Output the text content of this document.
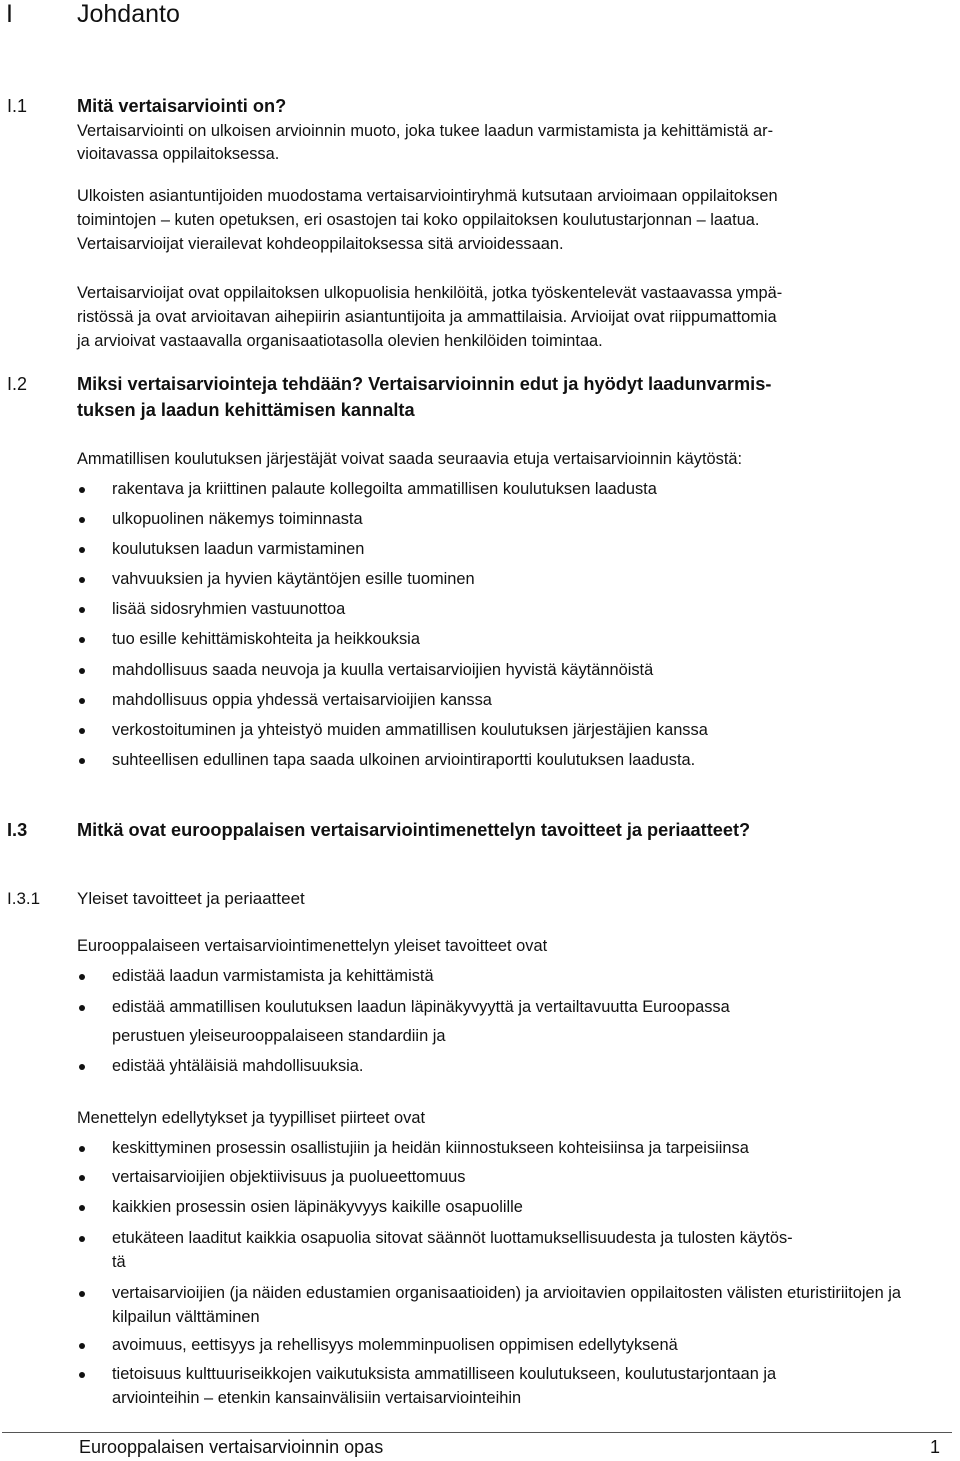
I	Johdanto
I.1	Mitä vertaisarviointi on?
Vertaisarviointi on ulkoisen arvioinnin muoto, joka tukee laadun varmistamista ja kehittämistä ar-
vioitavassa oppilaitoksessa.
Ulkoisten asiantuntijoiden muodostama vertaisarviointiryhmä kutsutaan arvioimaan oppilaitoksen
toimintojen – kuten opetuksen, eri osastojen tai koko oppilaitoksen koulutustarjonnan – laatua.
Vertaisarvioijat vierailevat kohdeoppilaitoksessa sitä arvioidessaan.
Vertaisarvioijat ovat oppilaitoksen ulkopuolisia henkilöitä, jotka työskentelevät vastaavassa ympä-
ristössä ja ovat arvioitavan aihepiirin asiantuntijoita ja ammattilaisia. Arvioijat ovat riippumattomia
ja arvioivat vastaavalla organisaatiotasolla olevien henkilöiden toimintaa.
I.2	Miksi vertaisarviointeja tehdään? Vertaisarvioinnin edut ja hyödyt laadunvarmis-
tuksen ja laadun kehittämisen kannalta
Ammatillisen koulutuksen järjestäjät voivat saada seuraavia etuja vertaisarvioinnin käytöstä:
rakentava ja kriittinen palaute kollegoilta ammatillisen koulutuksen laadusta
ulkopuolinen näkemys toiminnasta
koulutuksen laadun varmistaminen
vahvuuksien ja hyvien käytäntöjen esille tuominen
lisää sidosryhmien vastuunottoa
tuo esille kehittämiskohteita ja heikkouksia
mahdollisuus saada neuvoja ja kuulla vertaisarvioijien hyvistä käytännöistä
mahdollisuus oppia yhdessä vertaisarvioijien kanssa
verkostoituminen ja yhteistyö muiden ammatillisen koulutuksen järjestäjien kanssa
suhteellisen edullinen tapa saada ulkoinen arviointiraportti koulutuksen laadusta.
I.3	Mitkä ovat eurooppalaisen vertaisarviointimenettelyn tavoitteet ja periaatteet?
I.3.1 Yleiset tavoitteet ja periaatteet
Eurooppalaiseen vertaisarviointimenettelyn yleiset tavoitteet ovat
edistää laadun varmistamista ja kehittämistä
edistää ammatillisen koulutuksen laadun läpinäkyvyyttä ja vertailtavuutta Euroopassa
perustuen yleiseurooppalaiseen standardiin ja
edistää yhtäläisiä mahdollisuuksia.
Menettelyn edellytykset ja tyypilliset piirteet ovat
keskittyminen prosessin osallistujiin ja heidän kiinnostukseen kohteisiinsa ja tarpeisiinsa
vertaisarvioijien objektiivisuus ja puolueettomuus
kaikkien prosessin osien läpinäkyvyys kaikille osapuolille
etukäteen laaditut kaikkia osapuolia sitovat säännöt luottamuksellisuudesta ja tulosten käytös-
tä
vertaisarvioijien (ja näiden edustamien organisaatioiden) ja arvioitavien oppilaitosten välisten eturistiriitojen ja kilpailun välttäminen
avoimuus, eettisyys ja rehellisyys molemminpuolisen oppimisen edellytyksenä
tietoisuus kulttuuriseikkojen vaikutuksista ammatilliseen koulutukseen, koulutustarjontaan ja
arviointeihin – etenkin kansainvälisiin vertaisarviointeihin
Eurooppalaisen vertaisarvioinnin opas	1
